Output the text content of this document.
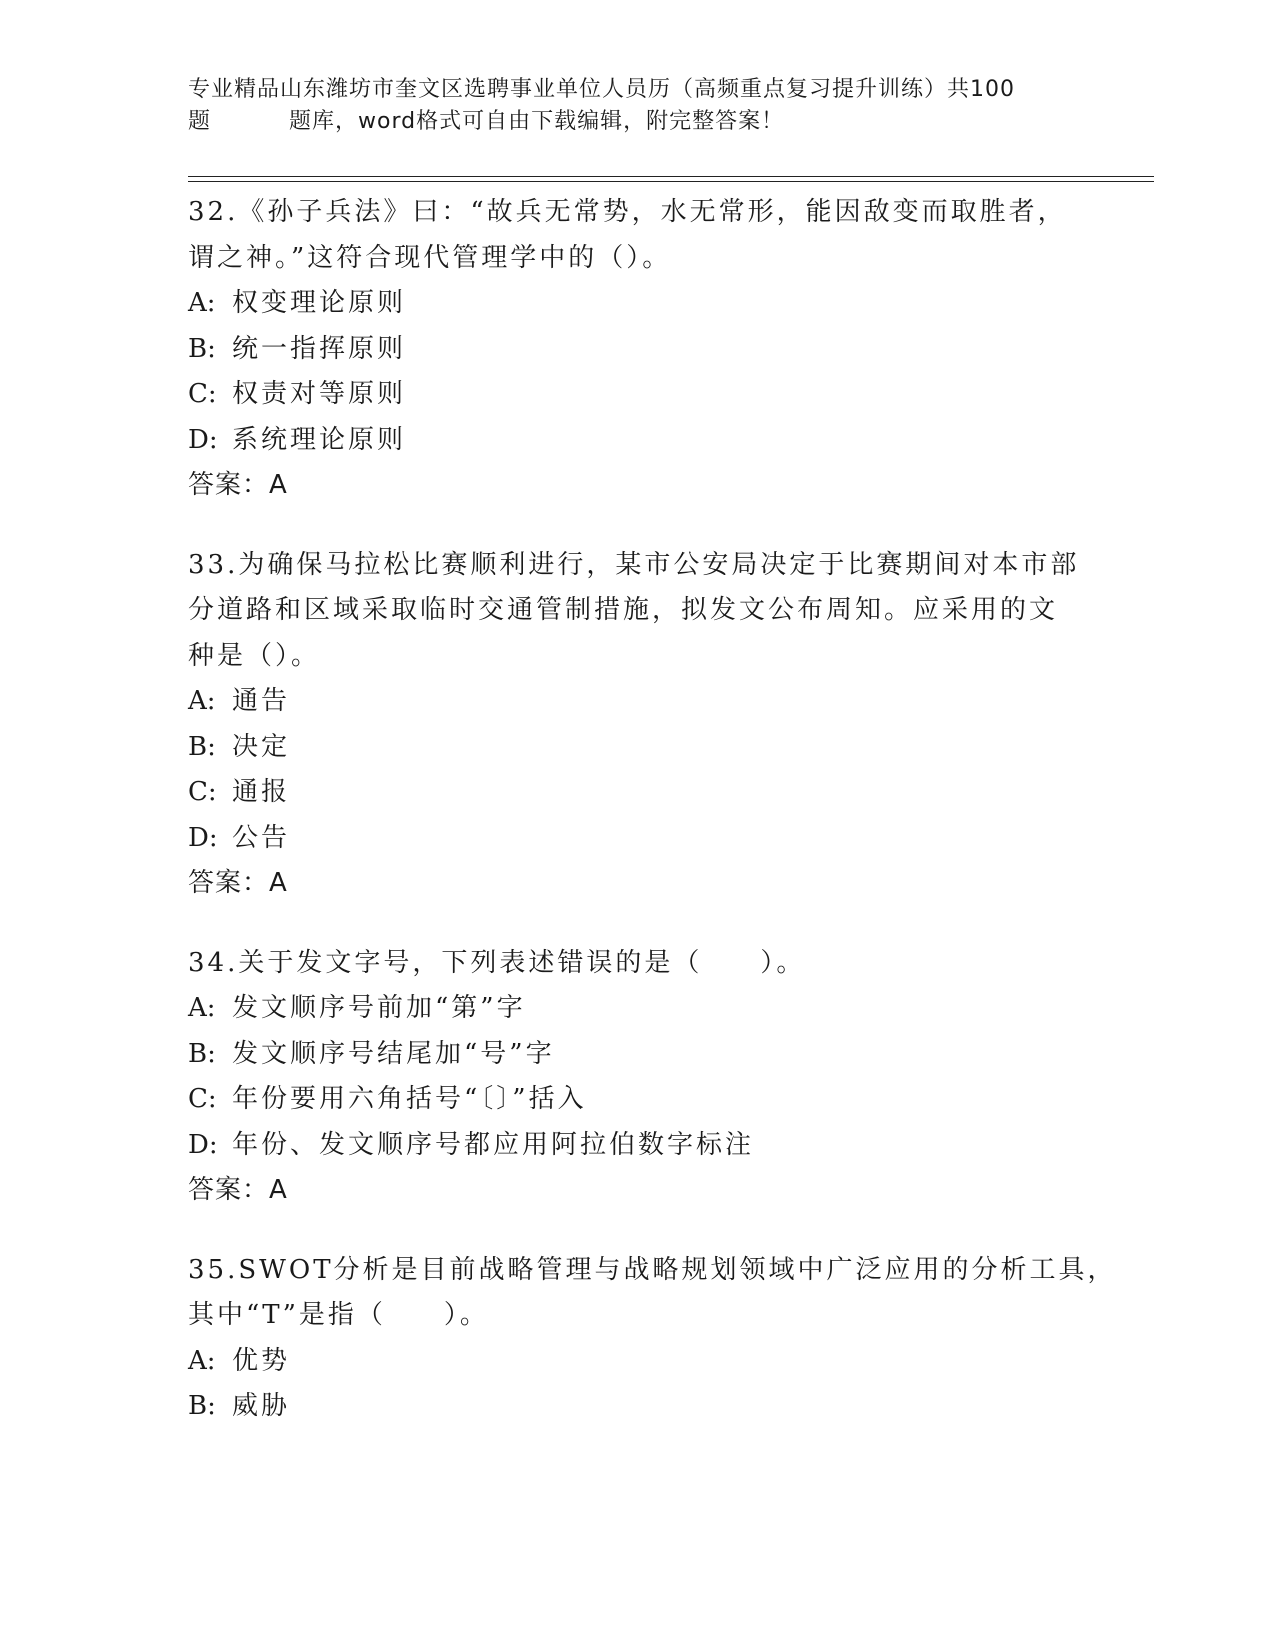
专业精品山东潍坊市奎文区选聘事业单位人员历（高频重点复习提升训练）共100
题	题库，word格式可自由下载编辑，附完整答案！
32.《孙子兵法》曰：“故兵无常势，水无常形，能因敌变而取胜者，
谓之神。”这符合现代管理学中的（）。
A: 权变理论原则
B: 统一指挥原则
C: 权责对等原则
D: 系统理论原则
答案：A
33.为确保马拉松比赛顺利进行，某市公安局决定于比赛期间对本市部
分道路和区域采取临时交通管制措施，拟发文公布周知。应采用的文
种是（）。
A: 通告
B: 决定
C: 通报
D: 公告
答案：A
34.关于发文字号，下列表述错误的是（　　）。
A: 发文顺序号前加“第”字
B: 发文顺序号结尾加“号”字
C: 年份要用六角括号“〔〕”括入
D: 年份、发文顺序号都应用阿拉伯数字标注
答案：A
35.SWOT分析是目前战略管理与战略规划领域中广泛应用的分析工具，
其中“T”是指（　　）。
A: 优势
B: 威胁
